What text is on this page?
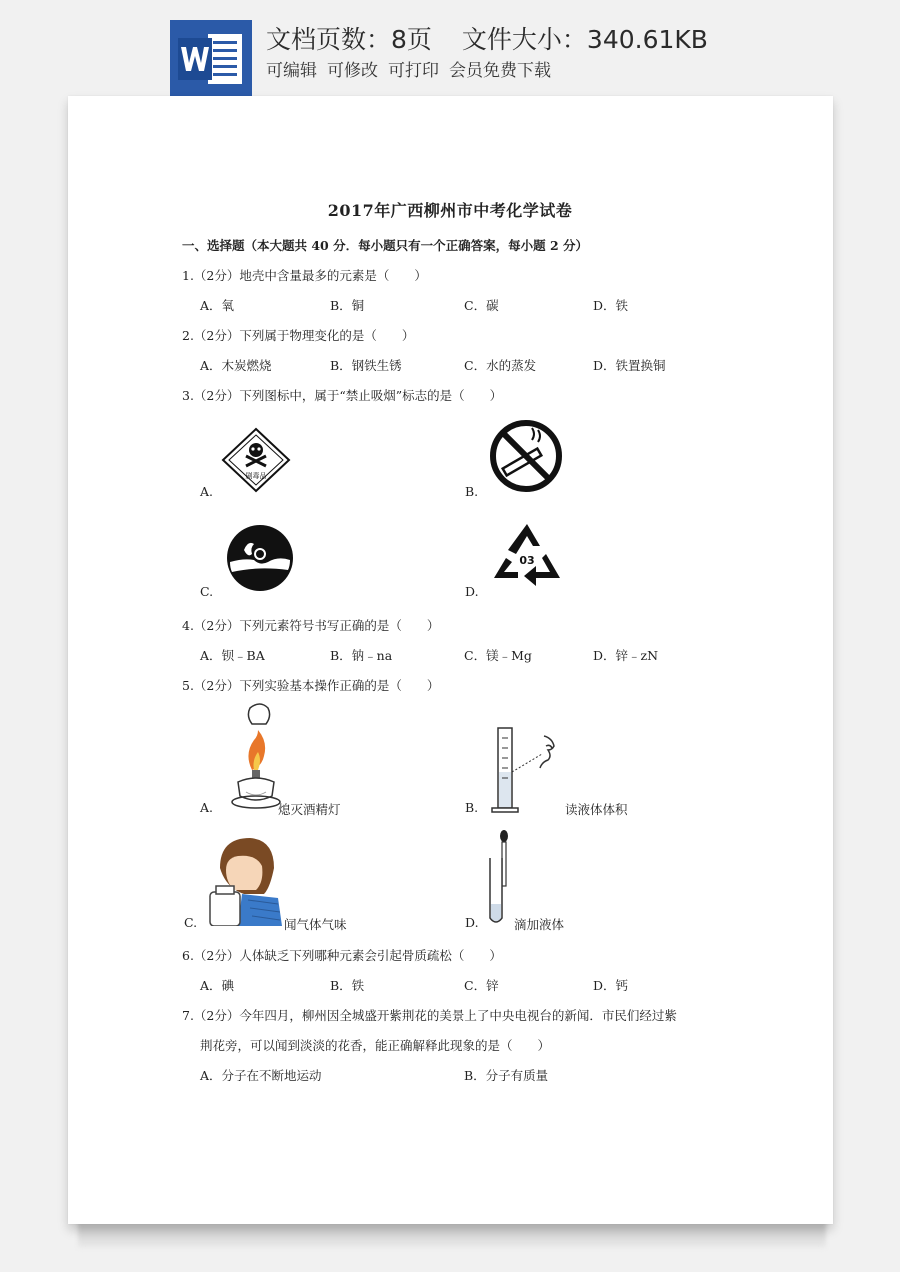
文档页数：8页 文件大小：340.61KB
可编辑 可修改 可打印 会员免费下载
2017年广西柳州市中考化学试卷
一、选择题（本大题共 40 分．每小题只有一个正确答案，每小题 2 分）
1.（2分）地壳中含量最多的元素是（　　）
A．氧	B．铜	C．碳	D．铁
2.（2分）下列属于物理变化的是（　　）
A．木炭燃烧	B．钢铁生锈	C．水的蒸发	D．铁置换铜
3.（2分）下列图标中，属于“禁止吸烟”标志的是（　　）
A.
剧毒品
B.
C.	D.
03
4.（2分）下列元素符号书写正确的是（　　）
A．钡﹣BA	B．钠﹣na	C．镁﹣Mg	D．锌﹣zN
5.（2分）下列实验基本操作正确的是（　　）
A.	熄灭酒精灯	B.	读液体体积
C.	闻气体气味	D.	滴加液体
6.（2分）人体缺乏下列哪种元素会引起骨质疏松（　　）
A．碘	B．铁	C．锌	D．钙
7.（2分）今年四月，柳州因全城盛开紫荆花的美景上了中央电视台的新闻．市民们经过紫
荆花旁，可以闻到淡淡的花香，能正确解释此现象的是（　　）
A．分子在不断地运动	B．分子有质量
